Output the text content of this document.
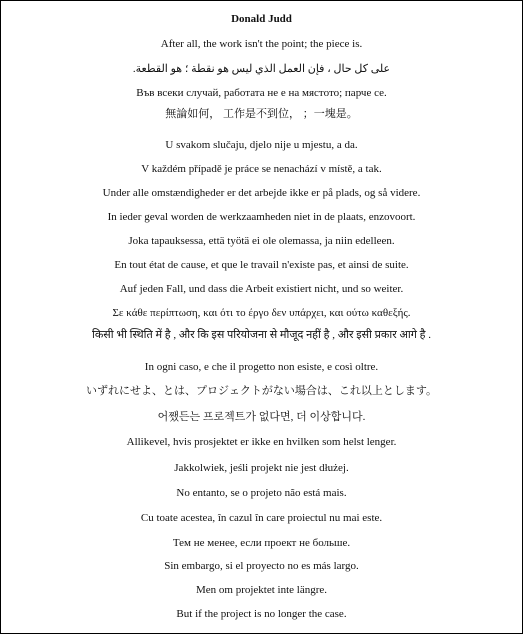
Donald Judd
After all, the work isn't the point; the piece is.
على كل حال ، فإن العمل الذي ليس هو نقطة ؛ هو القطعة.
Във всеки случай, работата не е на мястото; парче се.
無論如何， 工作是不到位， ；一塊是。
U svakom slučaju, djelo nije u mjestu, a da.
V každém případě je práce se nenachází v místě, a tak.
Under alle omstændigheder er det arbejde ikke er på plads, og så videre.
In ieder geval worden de werkzaamheden niet in de plaats, enzovoort.
Joka tapauksessa, että työtä ei ole olemassa, ja niin edelleen.
En tout état de cause, et que le travail n'existe pas, et ainsi de suite.
Auf jeden Fall, und dass die Arbeit existiert nicht, und so weiter.
Σε κάθε περίπτωση, και ότι το έργο δεν υπάρχει, και ούτω καθεξής.
किसी भी स्थिति में है , और कि इस परियोजना से मौजूद नहीं है , और इसी प्रकार आगे है .
In ogni caso, e che il progetto non esiste, e così oltre.
いずれにせよ、とは、プロジェクトがない場合は、これ以上とします。
어쨌든는 프로젝트가 없다면, 더 이상합니다.
Allikevel, hvis prosjektet er ikke en hvilken som helst lenger.
Jakkolwiek, jeśli projekt nie jest dłużej.
No entanto, se o projeto não está mais.
Cu toate acestea, în cazul în care proiectul nu mai este.
Тем не менее, если проект не больше.
Sin embargo, si el proyecto no es más largo.
Men om projektet inte längre.
But if the project is no longer the case.
